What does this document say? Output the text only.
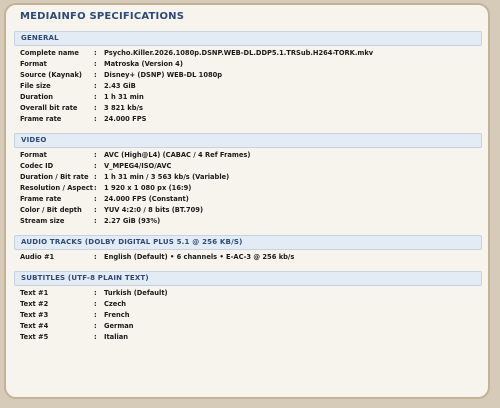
MEDIAINFO SPECIFICATIONS
GENERAL
Complete name : Psycho.Killer.2026.1080p.DSNP.WEB-DL.DDP5.1.TRSub.H264-TORK.mkv
Format	: Matroska (Version 4)
Source (Kaynak) : Disney+ (DSNP) WEB-DL 1080p
File size	: 2.43 GiB
Duration	: 1 h 31 min
Overall bit rate : 3 821 kb/s
Frame rate	: 24.000 FPS
VIDEO
Format	: AVC (High@L4) (CABAC / 4 Ref Frames)
Codec ID	: V_MPEG4/ISO/AVC
Duration / Bit rate : 1 h 31 min / 3 563 kb/s (Variable)
Resolution / Aspect : 1 920 x 1 080 px (16:9)
Frame rate	: 24.000 FPS (Constant)
Color / Bit depth : YUV 4:2:0 / 8 bits (BT.709)
Stream size	: 2.27 GiB (93%)
AUDIO TRACKS (DOLBY DIGITAL PLUS 5.1 @ 256 KB/S)
Audio #1	: English (Default) • 6 channels • E-AC-3 @ 256 kb/s
SUBTITLES (UTF-8 PLAIN TEXT)
Text #1	: Turkish (Default)
Text #2	: Czech
Text #3	: French
Text #4	: German
Text #5	: Italian
